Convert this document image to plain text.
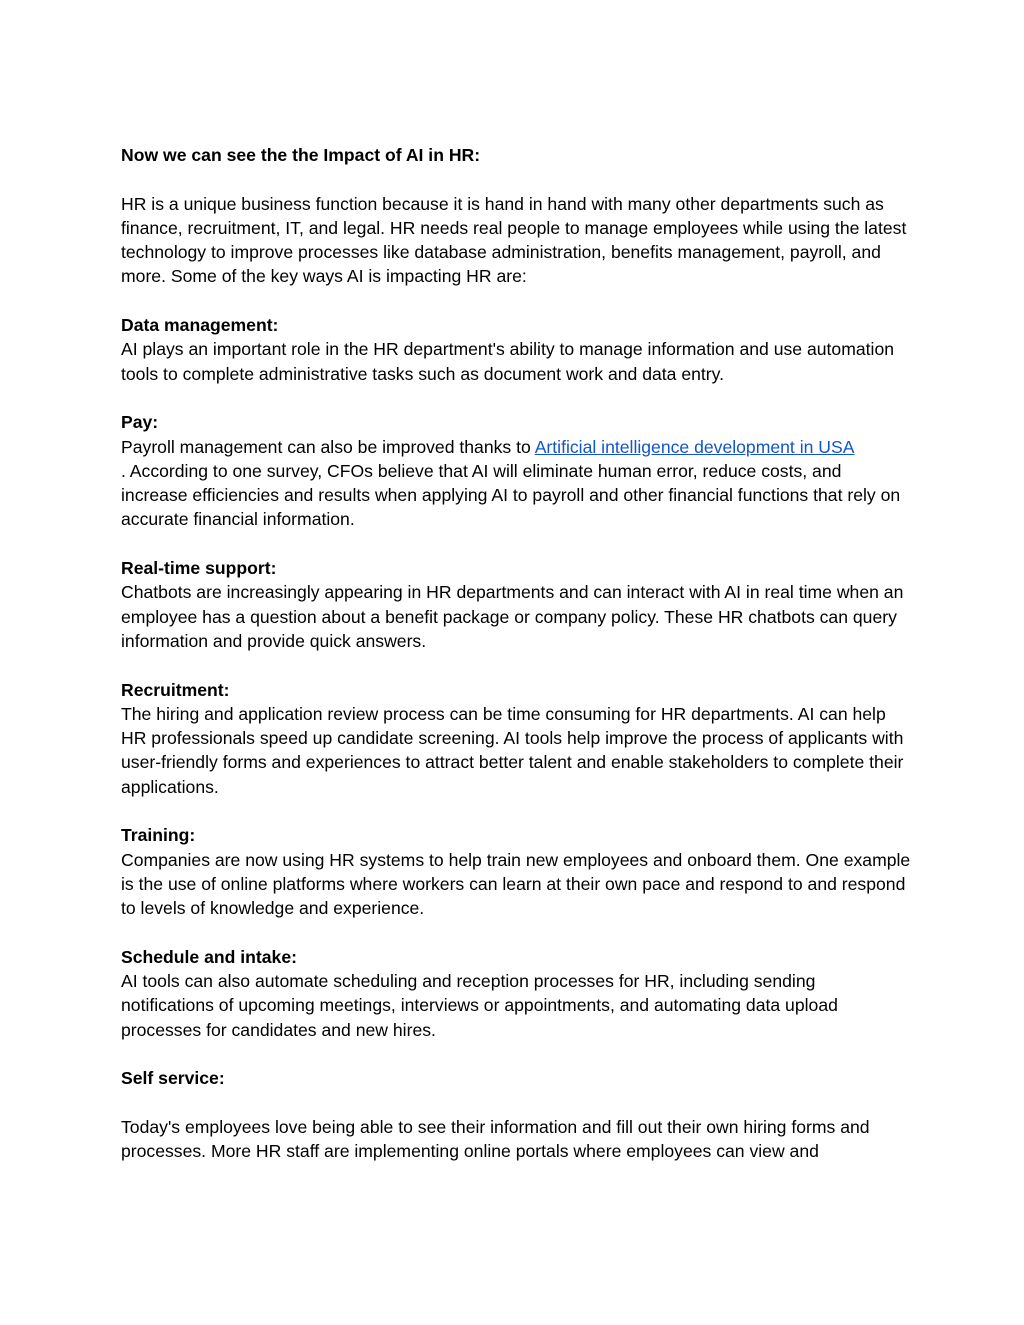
Now we can see the the Impact of AI in HR:

HR is a unique business function because it is hand in hand with many other departments such as finance, recruitment, IT, and legal. HR needs real people to manage employees while using the latest technology to improve processes like database administration, benefits management, payroll, and more. Some of the key ways AI is impacting HR are:

Data management:

AI plays an important role in the HR department's ability to manage information and use automation tools to complete administrative tasks such as document work and data entry.

Pay:

Payroll management can also be improved thanks to Artificial intelligence development in USA
. According to one survey, CFOs believe that AI will eliminate human error, reduce costs, and increase efficiencies and results when applying AI to payroll and other financial functions that rely on accurate financial information.

Real-time support:

Chatbots are increasingly appearing in HR departments and can interact with AI in real time when an employee has a question about a benefit package or company policy. These HR chatbots can query information and provide quick answers.

Recruitment:

The hiring and application review process can be time consuming for HR departments. AI can help HR professionals speed up candidate screening. AI tools help improve the process of applicants with user-friendly forms and experiences to attract better talent and enable stakeholders to complete their applications.

Training:

Companies are now using HR systems to help train new employees and onboard them. One example is the use of online platforms where workers can learn at their own pace and respond to and respond to levels of knowledge and experience.

Schedule and intake:

AI tools can also automate scheduling and reception processes for HR, including sending notifications of upcoming meetings, interviews or appointments, and automating data upload processes for candidates and new hires.

Self service:

Today's employees love being able to see their information and fill out their own hiring forms and processes. More HR staff are implementing online portals where employees can view and
